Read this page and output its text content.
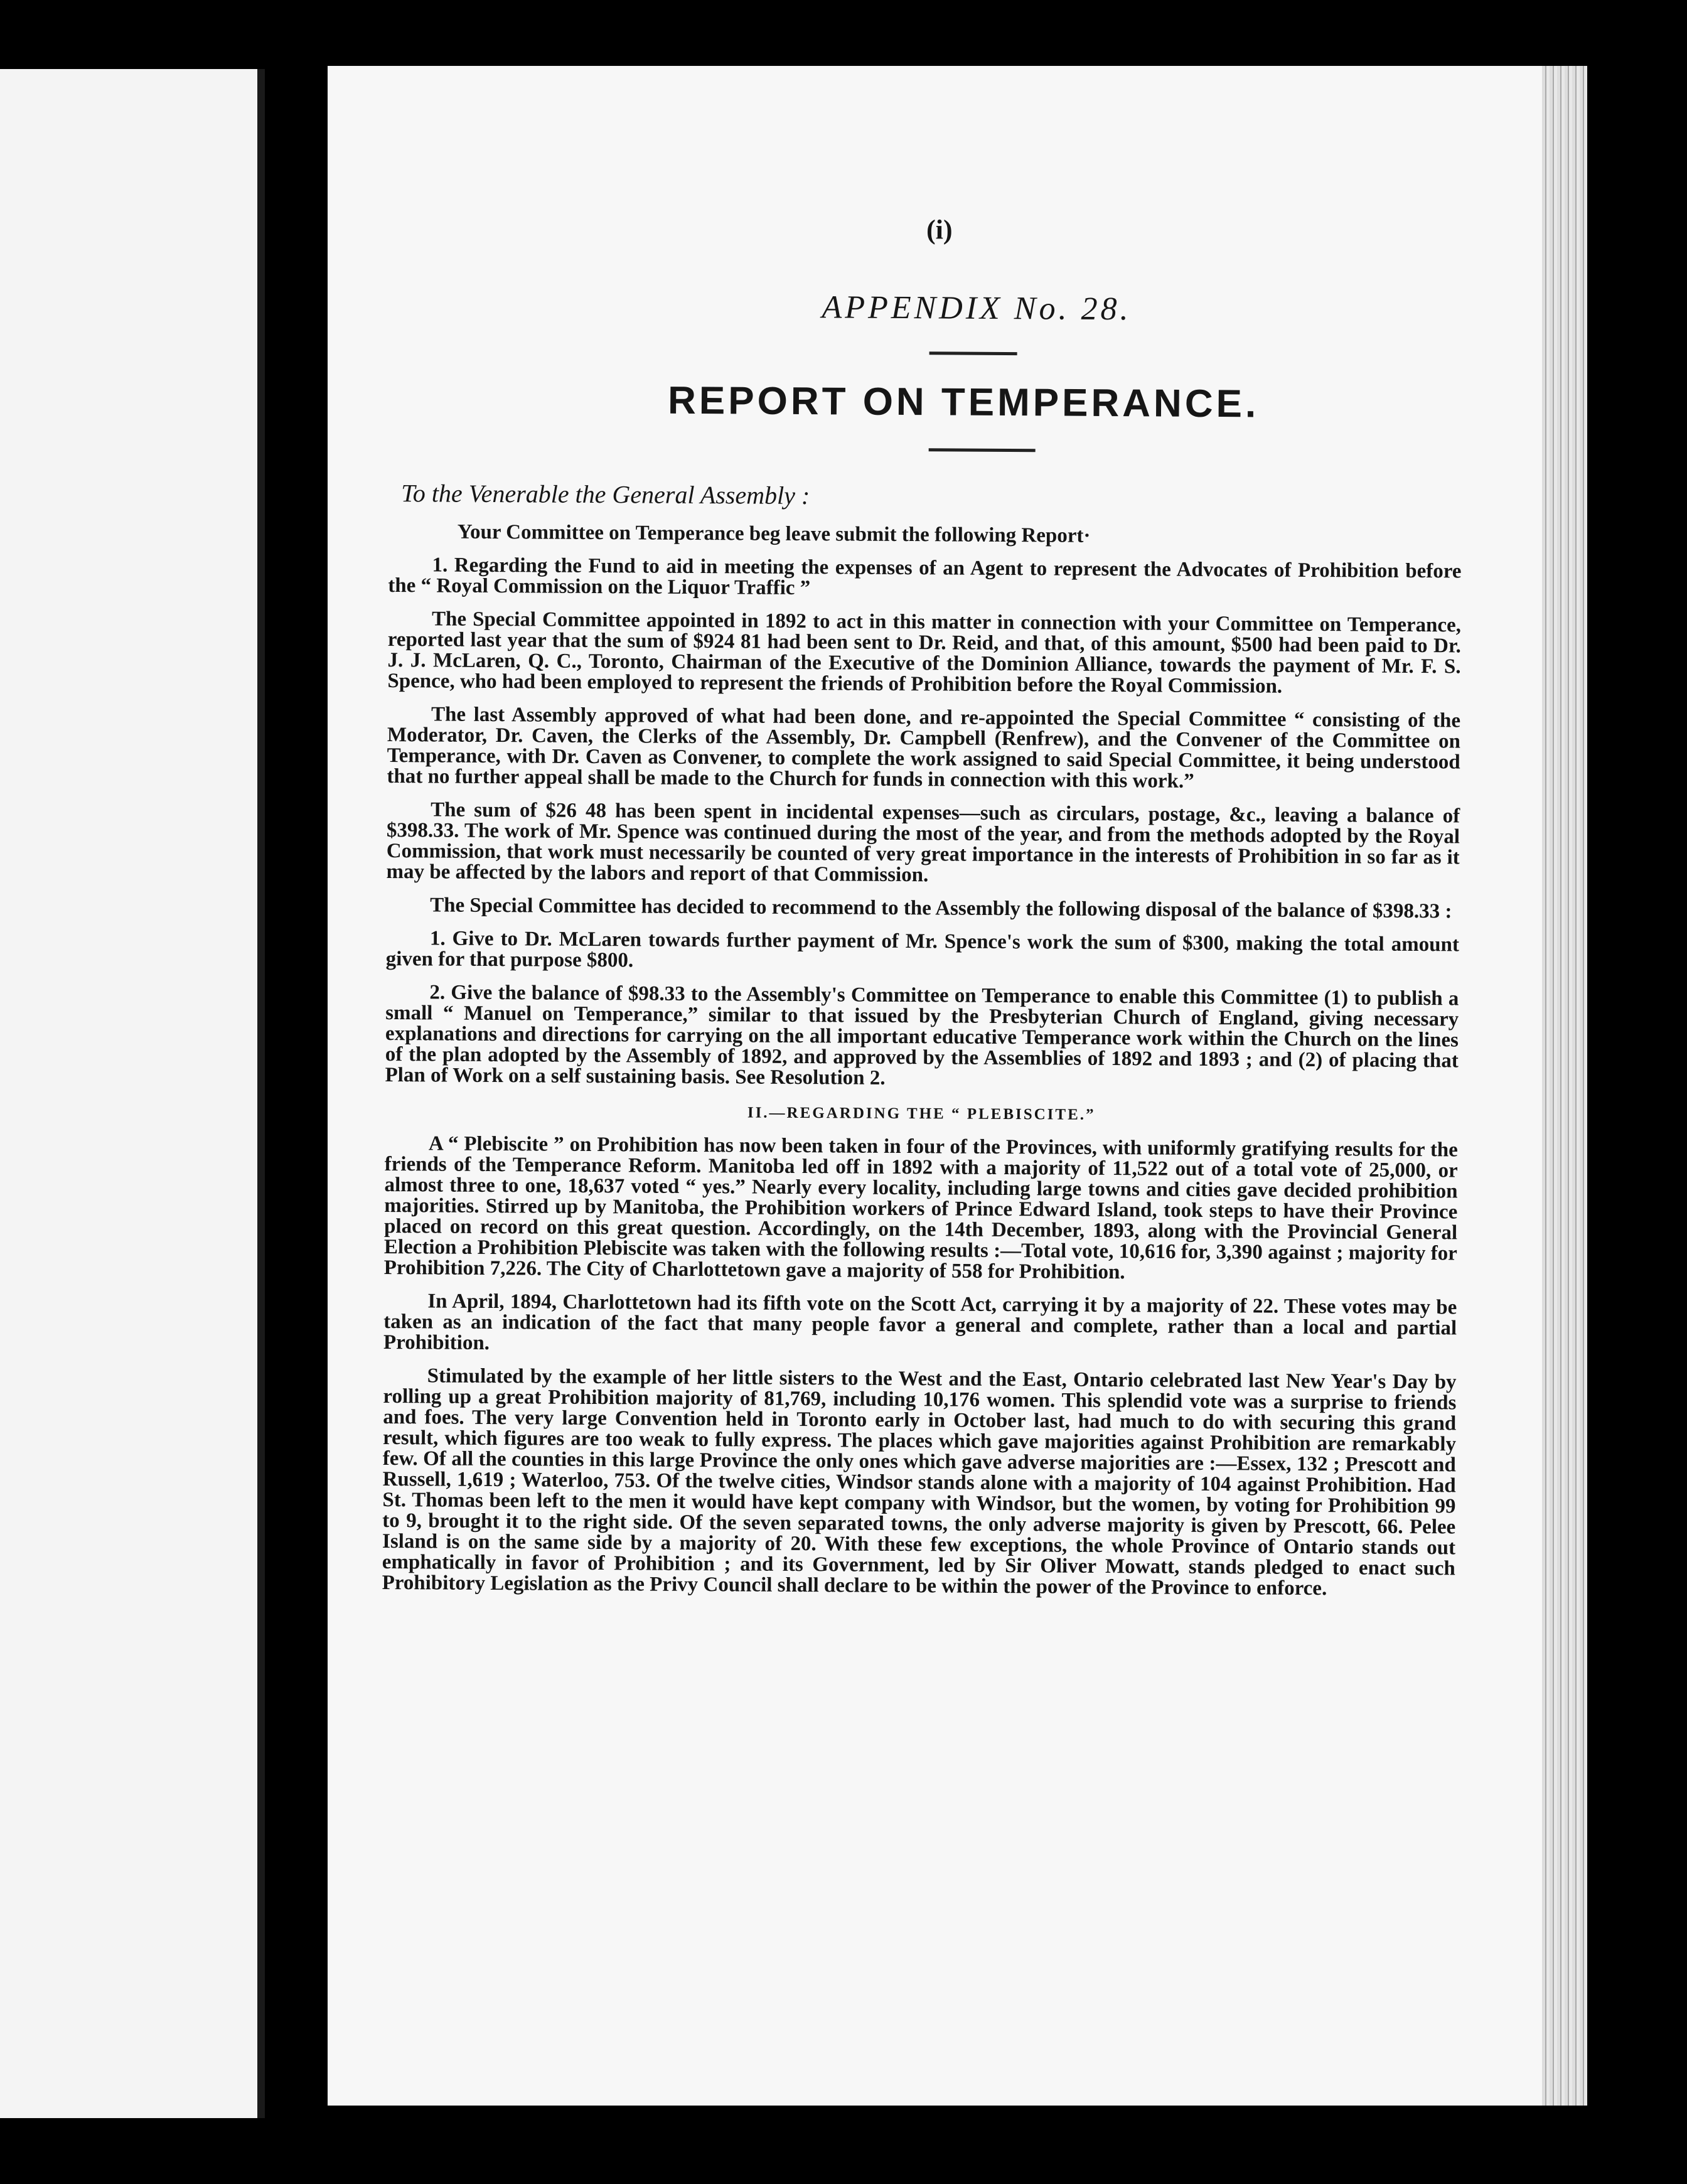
(i)
APPENDIX No. 28.
REPORT ON TEMPERANCE.
To the Venerable the General Assembly :

Your Committee on Temperance beg leave submit the following Report·

1. Regarding the Fund to aid in meeting the expenses of an Agent to represent the Advocates of Prohibition before the “ Royal Commission on the Liquor Traffic ”

The Special Committee appointed in 1892 to act in this matter in connection with your Committee on Temperance, reported last year that the sum of $924 81 had been sent to Dr. Reid, and that, of this amount, $500 had been paid to Dr. J. J. McLaren, Q. C., Toronto, Chairman of the Executive of the Dominion Alliance, towards the payment of Mr. F. S. Spence, who had been employed to represent the friends of Prohibition before the Royal Commission.

The last Assembly approved of what had been done, and re-appointed the Special Committee “ consisting of the Moderator, Dr. Caven, the Clerks of the Assembly, Dr. Campbell (Renfrew), and the Convener of the Committee on Temperance, with Dr. Caven as Convener, to complete the work assigned to said Special Committee, it being understood that no further appeal shall be made to the Church for funds in connection with this work.”

The sum of $26 48 has been spent in incidental expenses—such as circulars, postage, &c., leaving a balance of $398.33. The work of Mr. Spence was continued during the most of the year, and from the methods adopted by the Royal Commission, that work must necessarily be counted of very great importance in the interests of Prohibition in so far as it may be affected by the labors and report of that Commission.

The Special Committee has decided to recommend to the Assembly the following disposal of the balance of $398.33 :

1. Give to Dr. McLaren towards further payment of Mr. Spence's work the sum of $300, making the total amount given for that purpose $800.

2. Give the balance of $98.33 to the Assembly's Committee on Temperance to enable this Committee (1) to publish a small “ Manuel on Temperance,” similar to that issued by the Presbyterian Church of England, giving necessary explanations and directions for carrying on the all important educative Temperance work within the Church on the lines of the plan adopted by the Assembly of 1892, and approved by the Assemblies of 1892 and 1893 ; and (2) of placing that Plan of Work on a self sustaining basis. See Resolution 2.

II.—REGARDING THE “ PLEBISCITE.”

A “ Plebiscite ” on Prohibition has now been taken in four of the Provinces, with uniformly gratifying results for the friends of the Temperance Reform. Manitoba led off in 1892 with a majority of 11,522 out of a total vote of 25,000, or almost three to one, 18,637 voted “ yes.” Nearly every locality, including large towns and cities gave decided prohibition majorities. Stirred up by Manitoba, the Prohibition workers of Prince Edward Island, took steps to have their Province placed on record on this great question. Accordingly, on the 14th December, 1893, along with the Provincial General Election a Prohibition Plebiscite was taken with the following results :—Total vote, 10,616 for, 3,390 against ; majority for Prohibition 7,226. The City of Charlottetown gave a majority of 558 for Prohibition.

In April, 1894, Charlottetown had its fifth vote on the Scott Act, carrying it by a majority of 22. These votes may be taken as an indication of the fact that many people favor a general and complete, rather than a local and partial Prohibition.

Stimulated by the example of her little sisters to the West and the East, Ontario celebrated last New Year's Day by rolling up a great Prohibition majority of 81,769, including 10,176 women. This splendid vote was a surprise to friends and foes. The very large Convention held in Toronto early in October last, had much to do with securing this grand result, which figures are too weak to fully express. The places which gave majorities against Prohibition are remarkably few. Of all the counties in this large Province the only ones which gave adverse majorities are :—Essex, 132 ; Prescott and Russell, 1,619 ; Waterloo, 753. Of the twelve cities, Windsor stands alone with a majority of 104 against Prohibition. Had St. Thomas been left to the men it would have kept company with Windsor, but the women, by voting for Prohibition 99 to 9, brought it to the right side. Of the seven separated towns, the only adverse majority is given by Prescott, 66. Pelee Island is on the same side by a majority of 20. With these few exceptions, the whole Province of Ontario stands out emphatically in favor of Prohibition ; and its Government, led by Sir Oliver Mowatt, stands pledged to enact such Prohibitory Legislation as the Privy Council shall declare to be within the power of the Province to enforce.
